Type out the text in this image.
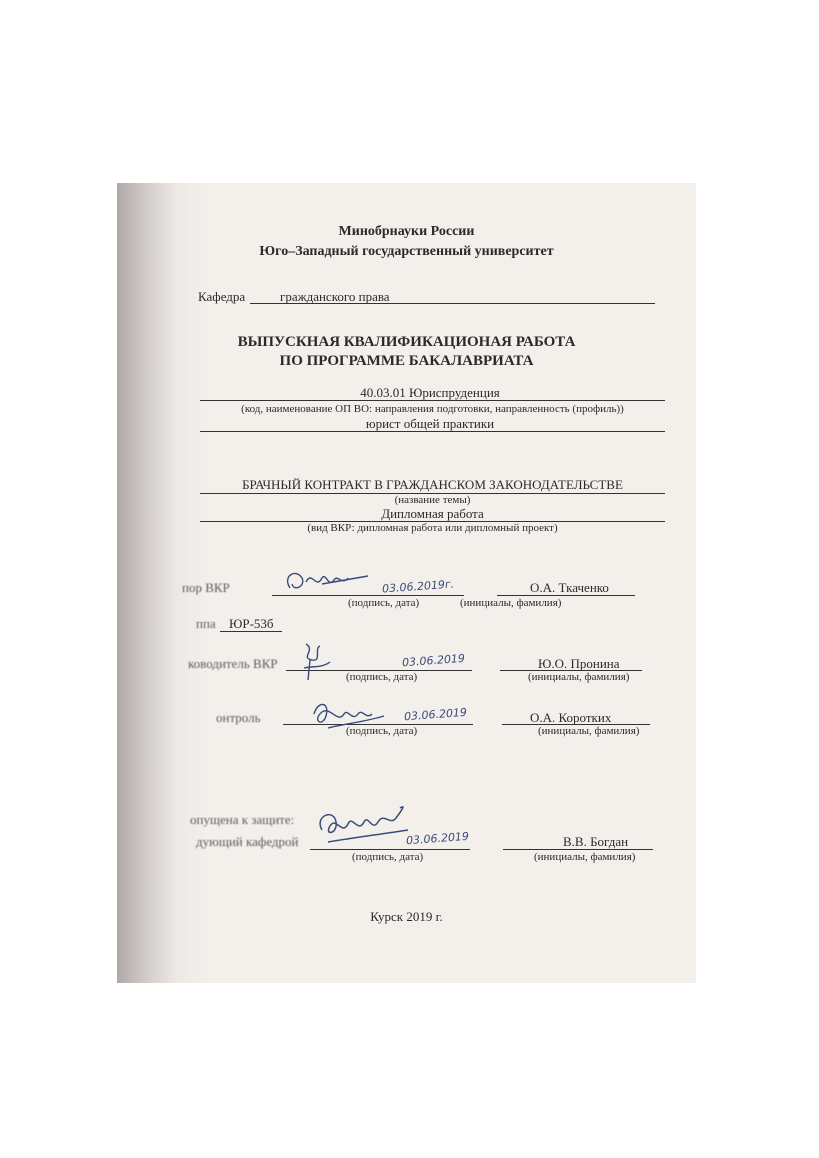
Минобрнауки России
Юго–Западный государственный университет
Кафедра	гражданского права
ВЫПУСКНАЯ КВАЛИФИКАЦИОНАЯ РАБОТА
ПО ПРОГРАММЕ БАКАЛАВРИАТА
40.03.01 Юриспруденция
(код, наименование ОП ВО: направления подготовки, направленность (профиль))
юрист общей практики
БРАЧНЫЙ КОНТРАКТ В ГРАЖДАНСКОМ ЗАКОНОДАТЕЛЬСТВЕ
(название темы)
Дипломная работа
(вид ВКР: дипломная работа или дипломный проект)
пор ВКР	03.06.2019г.	О.А. Ткаченко
(подпись, дата)	(инициалы, фамилия)
ппа ЮР-53б
ководитель ВКР	03.06.2019	Ю.О. Пронина
(подпись, дата)	(инициалы, фамилия)
онтроль	03.06.2019	О.А. Коротких
(подпись, дата)	(инициалы, фамилия)
опущена к защите:
дующий кафедрой	03.06.2019	В.В. Богдан
(подпись, дата)	(инициалы, фамилия)
Курск 2019 г.
